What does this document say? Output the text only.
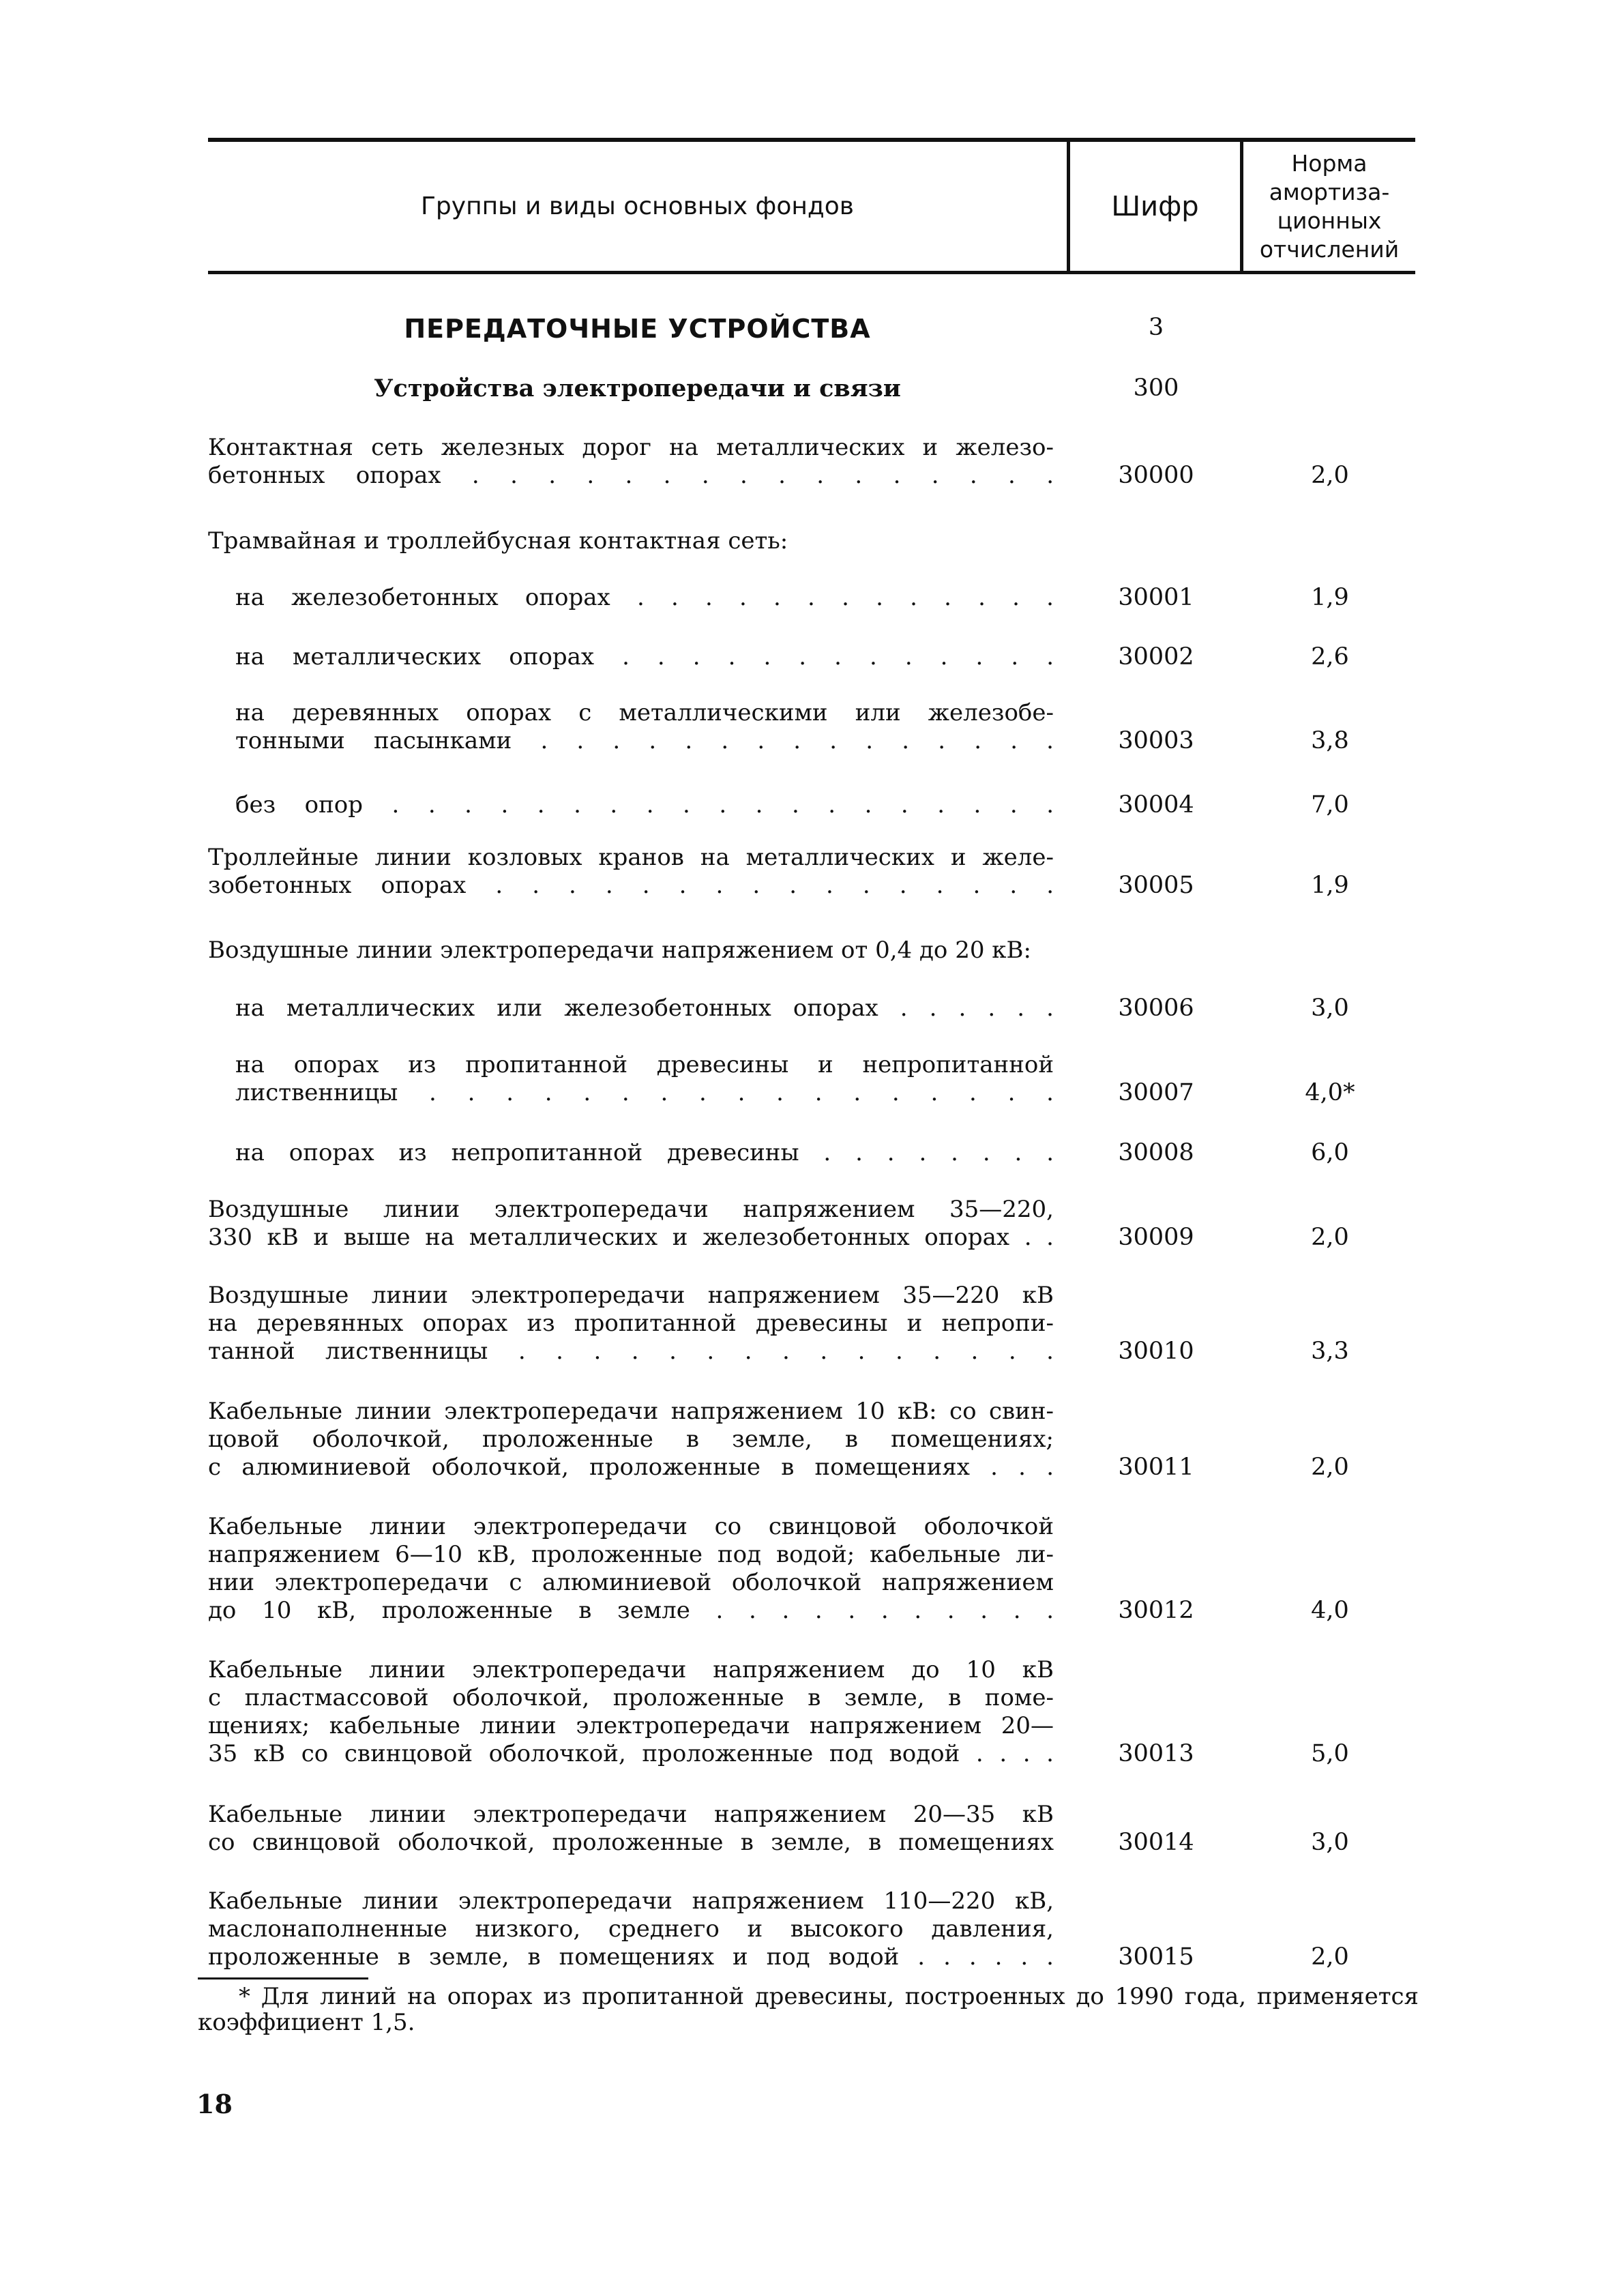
Группы и виды основных фондов	Шифр
Норма
амортиза-
ционных
отчислений
ПЕРЕДАТОЧНЫЕ УСТРОЙСТВА	3
Устройства электропередачи и связи	300
Контактная сеть железных дорог на металлических и железо-
бетонных опорах . . . . . . . . . . . . . . . .	30000	2,0
Трамвайная и троллейбусная контактная сеть:
на железобетонных опорах . . . . . . . . . . . . .	30001	1,9
на металлических опорах . . . . . . . . . . . . .	30002	2,6
на деревянных опорах с металлическими или железобе-
тонными пасынками . . . . . . . . . . . . . . .	30003	3,8
без опор . . . . . . . . . . . . . . . . . . .	30004	7,0
Троллейные линии козловых кранов на металлических и желе-
зобетонных опорах . . . . . . . . . . . . . . . .	30005	1,9
Воздушные линии электропередачи напряжением от 0,4 до 20 кВ:
на металлических или железобетонных опорах . . . . . .	30006	3,0
на опорах из пропитанной древесины и непропитанной
лиственницы . . . . . . . . . . . . . . . . .	30007	4,0*
на опорах из непропитанной древесины . . . . . . . .	30008	6,0
Воздушные линии электропередачи напряжением 35—220,
330 кВ и выше на металлических и железобетонных опорах . .	30009	2,0
Воздушные линии электропередачи напряжением 35—220 кВ
на деревянных опорах из пропитанной древесины и непропи-
танной лиственницы . . . . . . . . . . . . . . .	30010	3,3
Кабельные линии электропередачи напряжением 10 кВ: со свин-
цовой оболочкой, проложенные в земле, в помещениях;
с алюминиевой оболочкой, проложенные в помещениях . . .	30011	2,0
Кабельные линии электропередачи со свинцовой оболочкой
напряжением 6—10 кВ, проложенные под водой; кабельные ли-
нии электропередачи с алюминиевой оболочкой напряжением
до 10 кВ, проложенные в земле . . . . . . . . . . .	30012	4,0
Кабельные линии электропередачи напряжением до 10 кВ
с пластмассовой оболочкой, проложенные в земле, в поме-
щениях; кабельные линии электропередачи напряжением 20—
35 кВ со свинцовой оболочкой, проложенные под водой . . . .	30013	5,0
Кабельные линии электропередачи напряжением 20—35 кВ
со свинцовой оболочкой, проложенные в земле, в помещениях	30014	3,0
Кабельные линии электропередачи напряжением 110—220 кВ,
маслонаполненные низкого, среднего и высокого давления,
проложенные в земле, в помещениях и под водой . . . . . .	30015	2,0
* Для линий на опорах из пропитанной древесины, построенных до 1990 года, применяется коэффициент 1,5.
18
